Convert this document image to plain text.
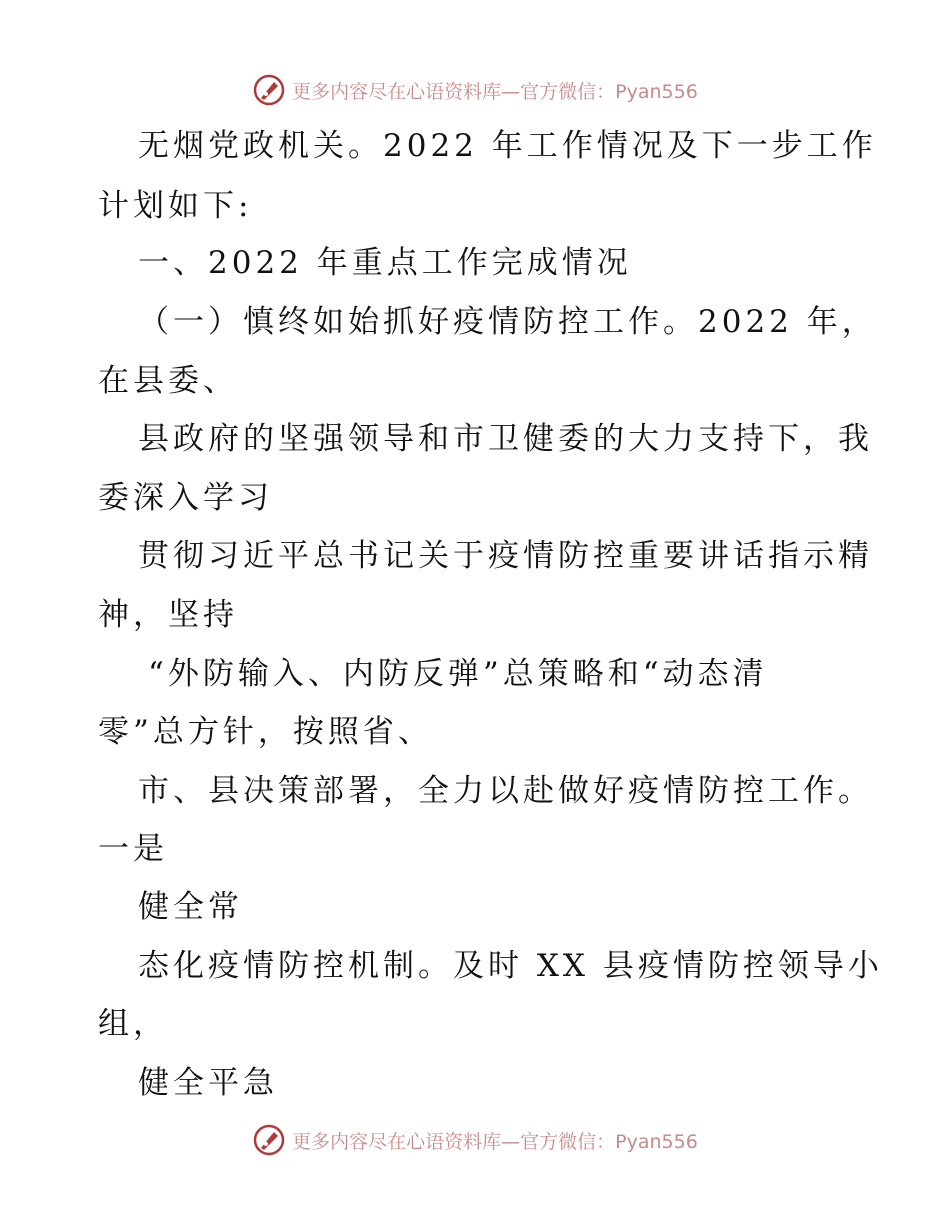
更多内容尽在心语资料库—官方微信：Pyan556
无烟党政机关。2022 年工作情况及下一步工作
计划如下:
一、2022 年重点工作完成情况
（一）慎终如始抓好疫情防控工作。2022 年，
在县委、
县政府的坚强领导和市卫健委的大力支持下，我
委深入学习
贯彻习近平总书记关于疫情防控重要讲话指示精
神，坚持
“外防输入、内防反弹”总策略和“动态清
零”总方针，按照省、
市、县决策部署，全力以赴做好疫情防控工作。
一是
健全常
态化疫情防控机制。及时 XX 县疫情防控领导小
组，
健全平急
更多内容尽在心语资料库—官方微信：Pyan556
